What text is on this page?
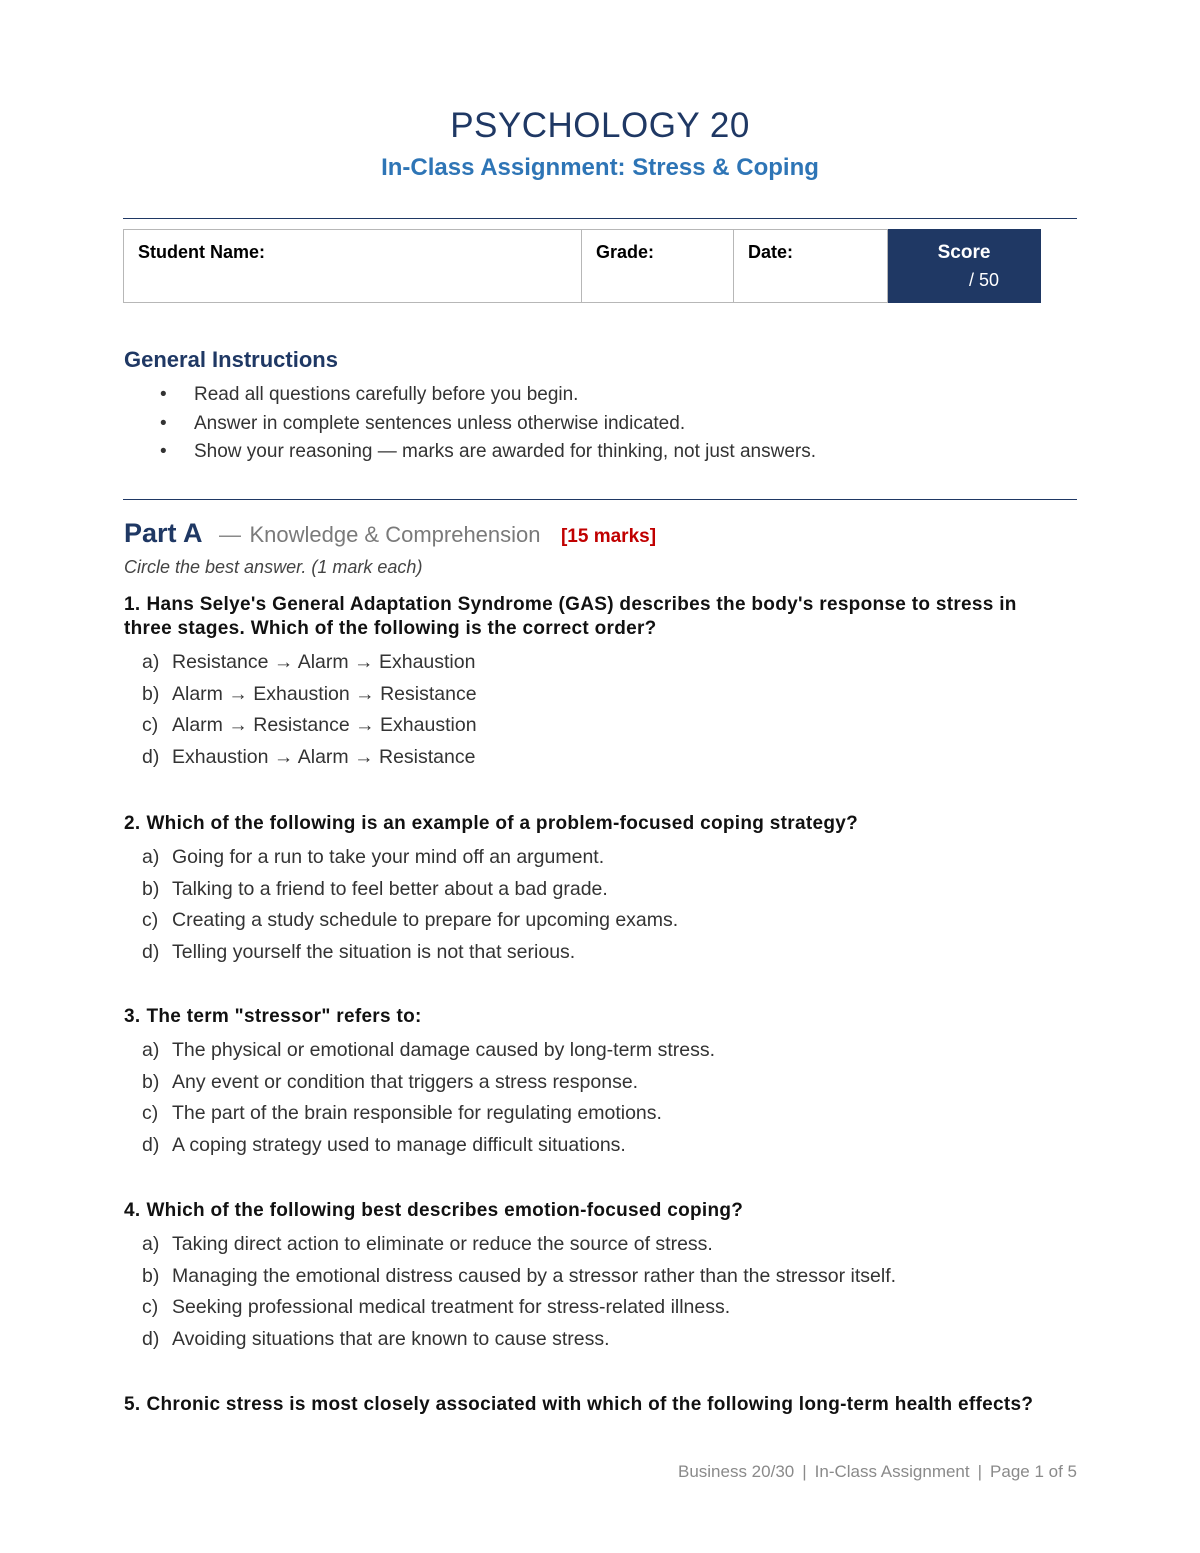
PSYCHOLOGY 20
In-Class Assignment: Stress & Coping
Student Name:	Grade:	Date:	Score
/ 50
General Instructions
• Read all questions carefully before you begin.
• Answer in complete sentences unless otherwise indicated.
• Show your reasoning — marks are awarded for thinking, not just answers.
Part A — Knowledge & Comprehension [15 marks]
Circle the best answer. (1 mark each)
1. Hans Selye's General Adaptation Syndrome (GAS) describes the body's response to stress in three stages. Which of the following is the correct order?
a) Resistance → Alarm → Exhaustion
b) Alarm → Exhaustion → Resistance
c) Alarm → Resistance → Exhaustion
d) Exhaustion → Alarm → Resistance
2. Which of the following is an example of a problem-focused coping strategy?
a) Going for a run to take your mind off an argument.
b) Talking to a friend to feel better about a bad grade.
c) Creating a study schedule to prepare for upcoming exams.
d) Telling yourself the situation is not that serious.
3. The term "stressor" refers to:
a) The physical or emotional damage caused by long-term stress.
b) Any event or condition that triggers a stress response.
c) The part of the brain responsible for regulating emotions.
d) A coping strategy used to manage difficult situations.
4. Which of the following best describes emotion-focused coping?
a) Taking direct action to eliminate or reduce the source of stress.
b) Managing the emotional distress caused by a stressor rather than the stressor itself.
c) Seeking professional medical treatment for stress-related illness.
d) Avoiding situations that are known to cause stress.
5. Chronic stress is most closely associated with which of the following long-term health effects?
Business 20/30 | In-Class Assignment | Page 1 of 5
